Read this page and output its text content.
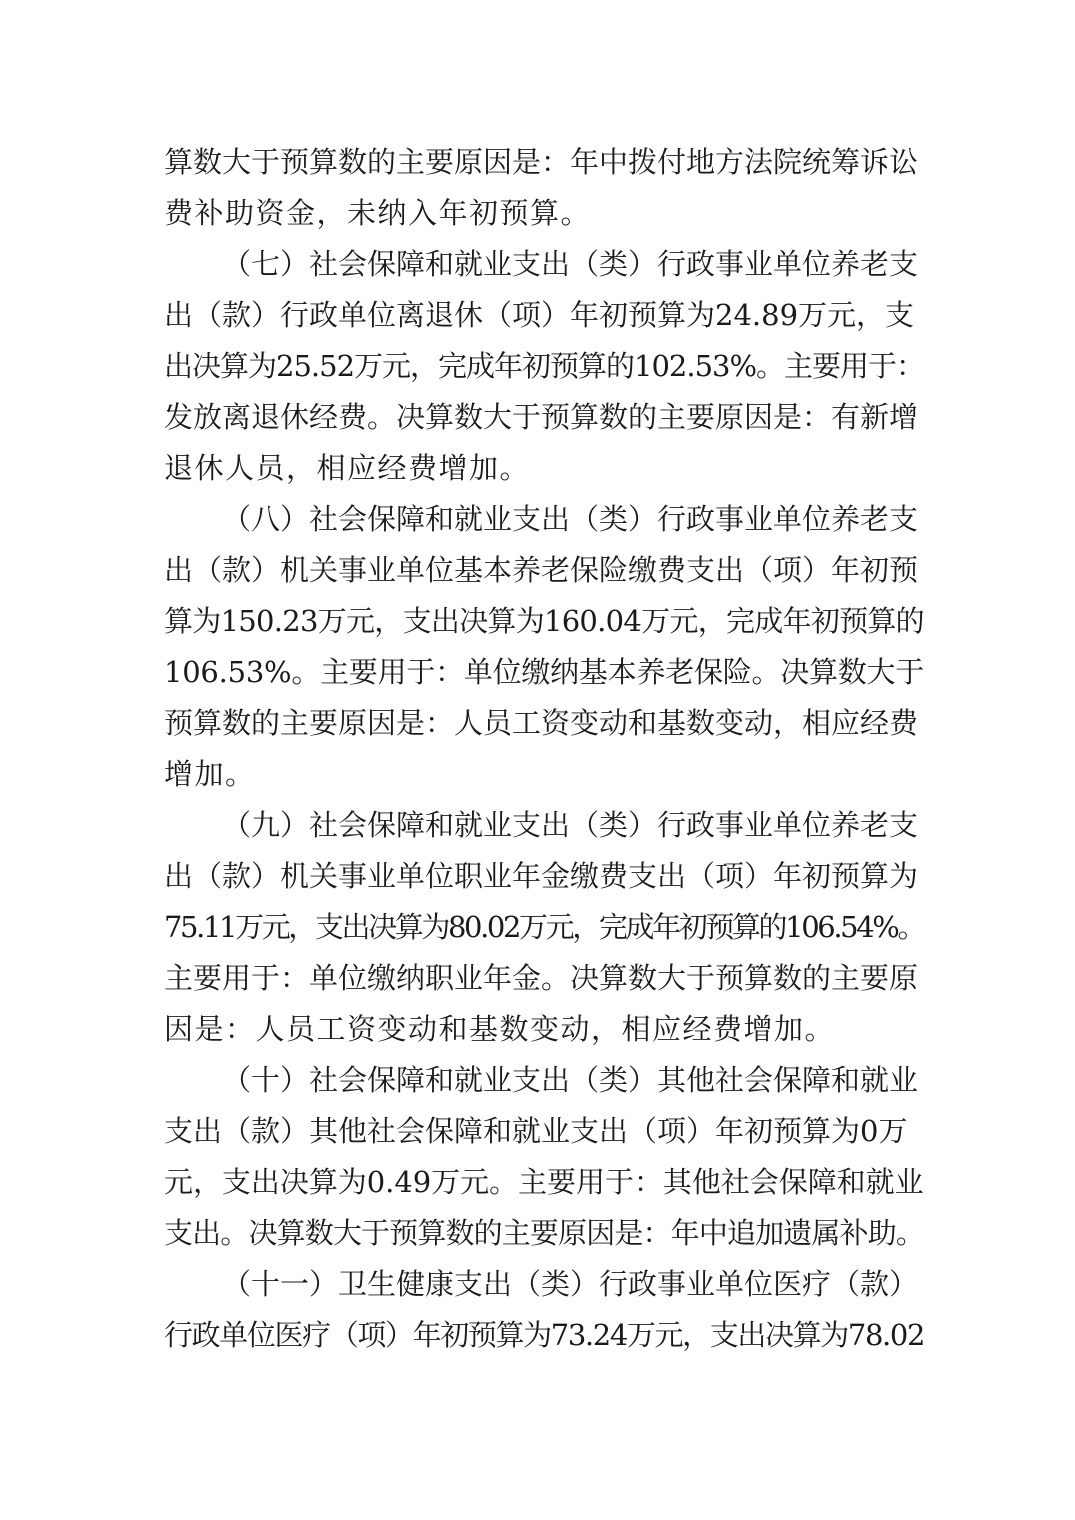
算数大于预算数的主要原因是：年中拨付地方法院统筹诉讼
费补助资金，未纳入年初预算。
（七）社会保障和就业支出（类）行政事业单位养老支
出（款）行政单位离退休（项）年初预算为24.89万元，支
出决算为25.52万元，完成年初预算的102.53%。主要用于：
发放离退休经费。决算数大于预算数的主要原因是：有新增
退休人员，相应经费增加。
（八）社会保障和就业支出（类）行政事业单位养老支
出（款）机关事业单位基本养老保险缴费支出（项）年初预
算为150.23万元，支出决算为160.04万元，完成年初预算的
106.53%。主要用于：单位缴纳基本养老保险。决算数大于
预算数的主要原因是：人员工资变动和基数变动，相应经费
增加。
（九）社会保障和就业支出（类）行政事业单位养老支
出（款）机关事业单位职业年金缴费支出（项）年初预算为
75.11万元，支出决算为80.02万元，完成年初预算的106.54%。
主要用于：单位缴纳职业年金。决算数大于预算数的主要原
因是：人员工资变动和基数变动，相应经费增加。
（十）社会保障和就业支出（类）其他社会保障和就业
支出（款）其他社会保障和就业支出（项）年初预算为0万
元，支出决算为0.49万元。主要用于：其他社会保障和就业
支出。决算数大于预算数的主要原因是：年中追加遗属补助。
（十一）卫生健康支出（类）行政事业单位医疗（款）
行政单位医疗（项）年初预算为73.24万元，支出决算为78.02
